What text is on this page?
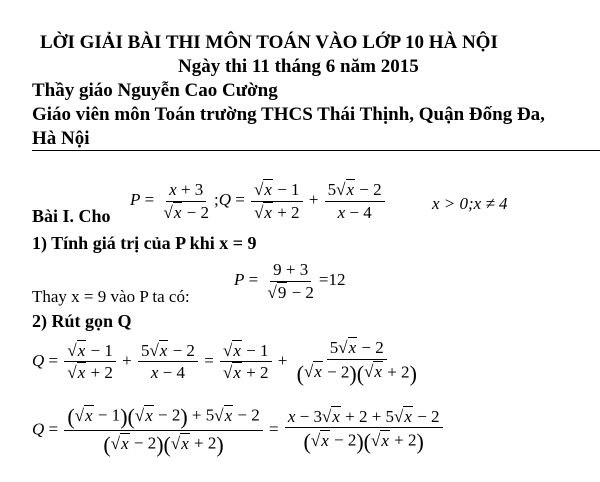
LỜI GIẢI BÀI THI MÔN TOÁN VÀO LỚP 10 HÀ NỘI
Ngày thi 11 tháng 6 năm 2015
Thầy giáo Nguyễn Cao Cường
Giáo viên môn Toán trường THCS Thái Thịnh, Quận Đống Đa,
Hà Nội
Bài I. Cho
$P = \frac{x + 3}{√x - 2}$ ;Q = $\frac{√x - 1}{√x + 2} + \frac{5√x - 2}{x - 4}$	x > 0;x ≠ 4
1) Tính giá trị của P khi x = 9
Thay x = 9 vào P ta có:
$P = \frac{9 + 3}{√9 - 2} =12$
2) Rút gọn Q
$Q = \frac{√x - 1}{√x + 2} + \frac{5√x - 2}{x - 4} = \frac{√x - 1}{√x + 2} + \frac{5√x - 2}{(√x - 2)(√x + 2)}$
$Q = \frac{(√x - 1)(√x - 2) + 5√x - 2}{(√x - 2)(√x + 2)} = \frac{x - 3√x + 2 + 5√x - 2}{(√x - 2)(√x + 2)}$
